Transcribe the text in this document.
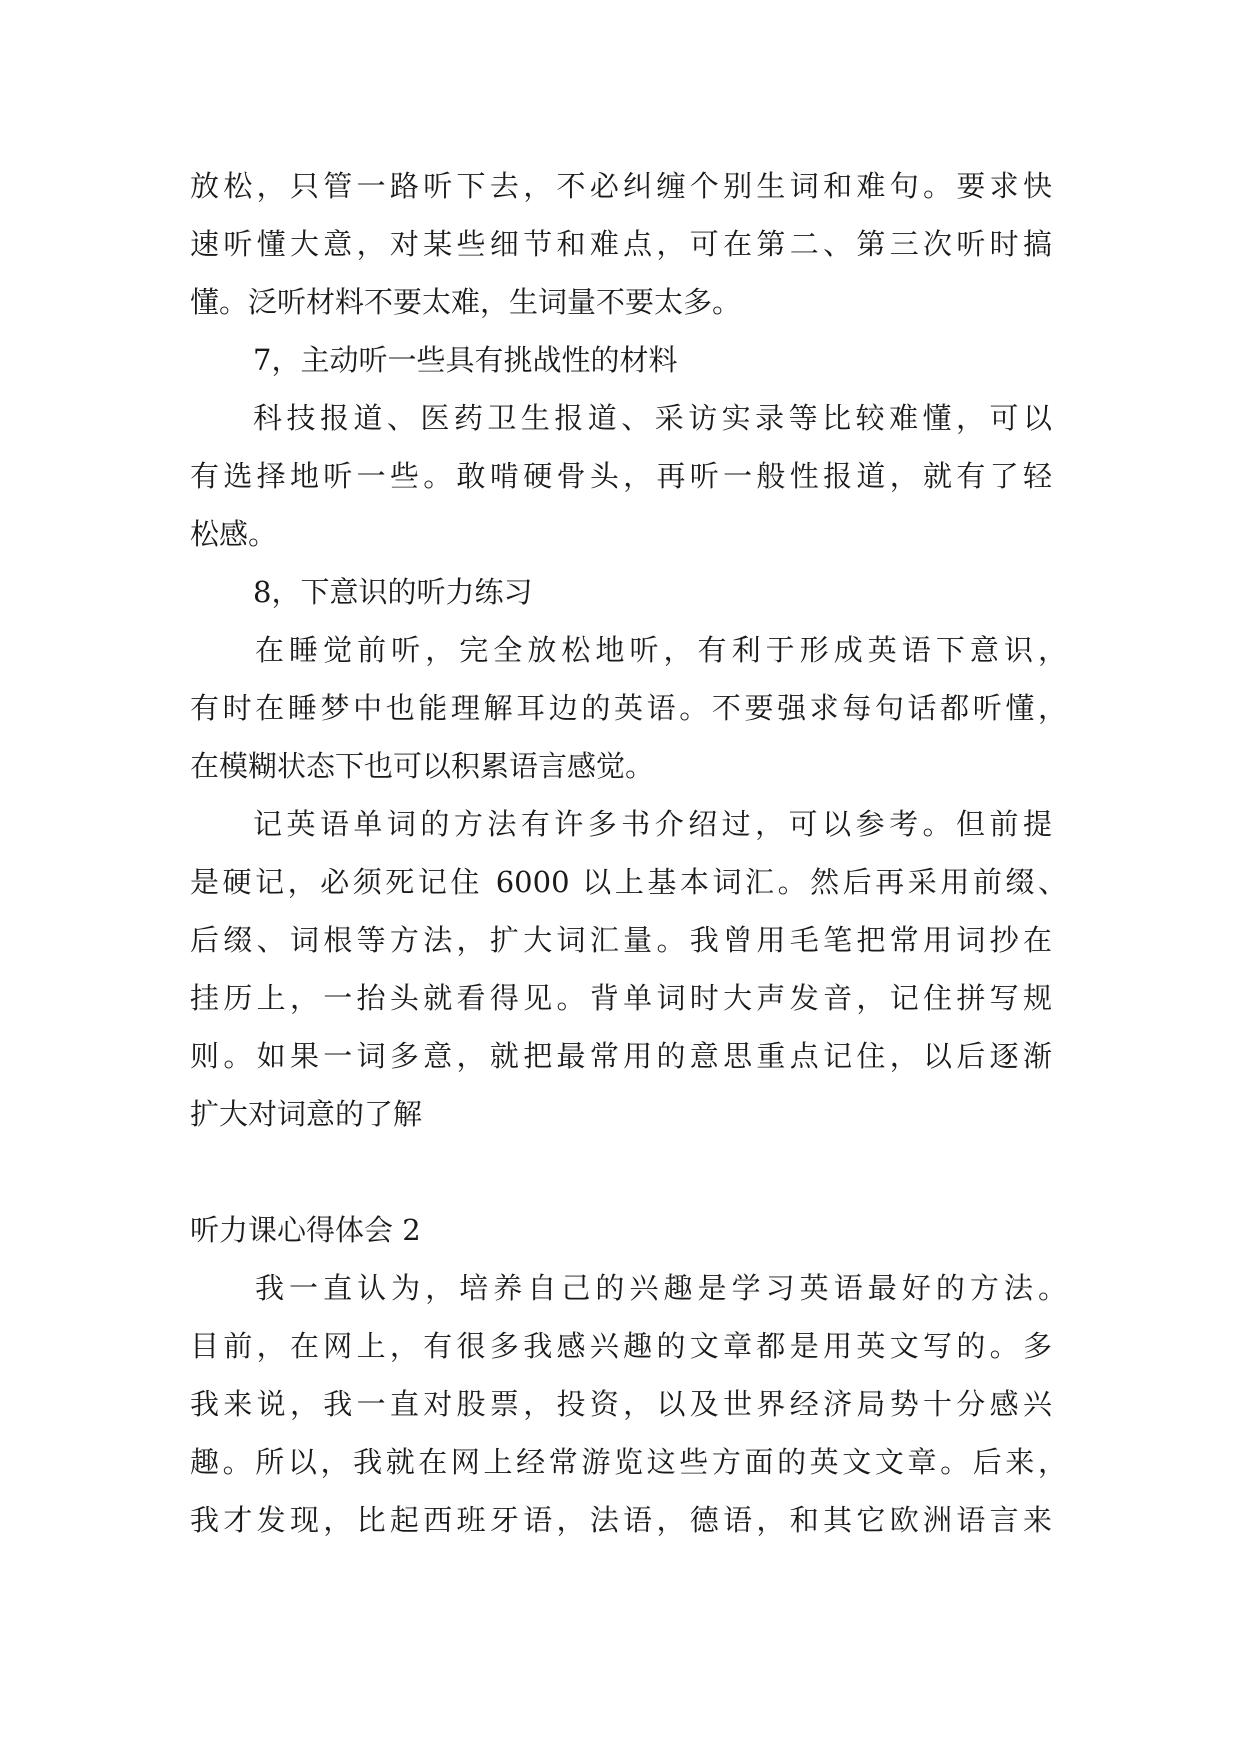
放松，只管一路听下去，不必纠缠个别生词和难句。要求快
速听懂大意，对某些细节和难点，可在第二、第三次听时搞
懂。泛听材料不要太难，生词量不要太多。
7，主动听一些具有挑战性的材料
科技报道、医药卫生报道、采访实录等比较难懂，可以
有选择地听一些。敢啃硬骨头，再听一般性报道，就有了轻
松感。
8，下意识的听力练习
在睡觉前听，完全放松地听，有利于形成英语下意识，
有时在睡梦中也能理解耳边的英语。不要强求每句话都听懂，
在模糊状态下也可以积累语言感觉。
记英语单词的方法有许多书介绍过，可以参考。但前提
是硬记，必须死记住 6000 以上基本词汇。然后再采用前缀、
后缀、词根等方法，扩大词汇量。我曾用毛笔把常用词抄在
挂历上，一抬头就看得见。背单词时大声发音，记住拼写规
则。如果一词多意，就把最常用的意思重点记住，以后逐渐
扩大对词意的了解
听力课心得体会 2
我一直认为，培养自己的兴趣是学习英语最好的方法。
目前，在网上，有很多我感兴趣的文章都是用英文写的。多
我来说，我一直对股票，投资，以及世界经济局势十分感兴
趣。所以，我就在网上经常游览这些方面的英文文章。后来，
我才发现，比起西班牙语，法语，德语，和其它欧洲语言来
